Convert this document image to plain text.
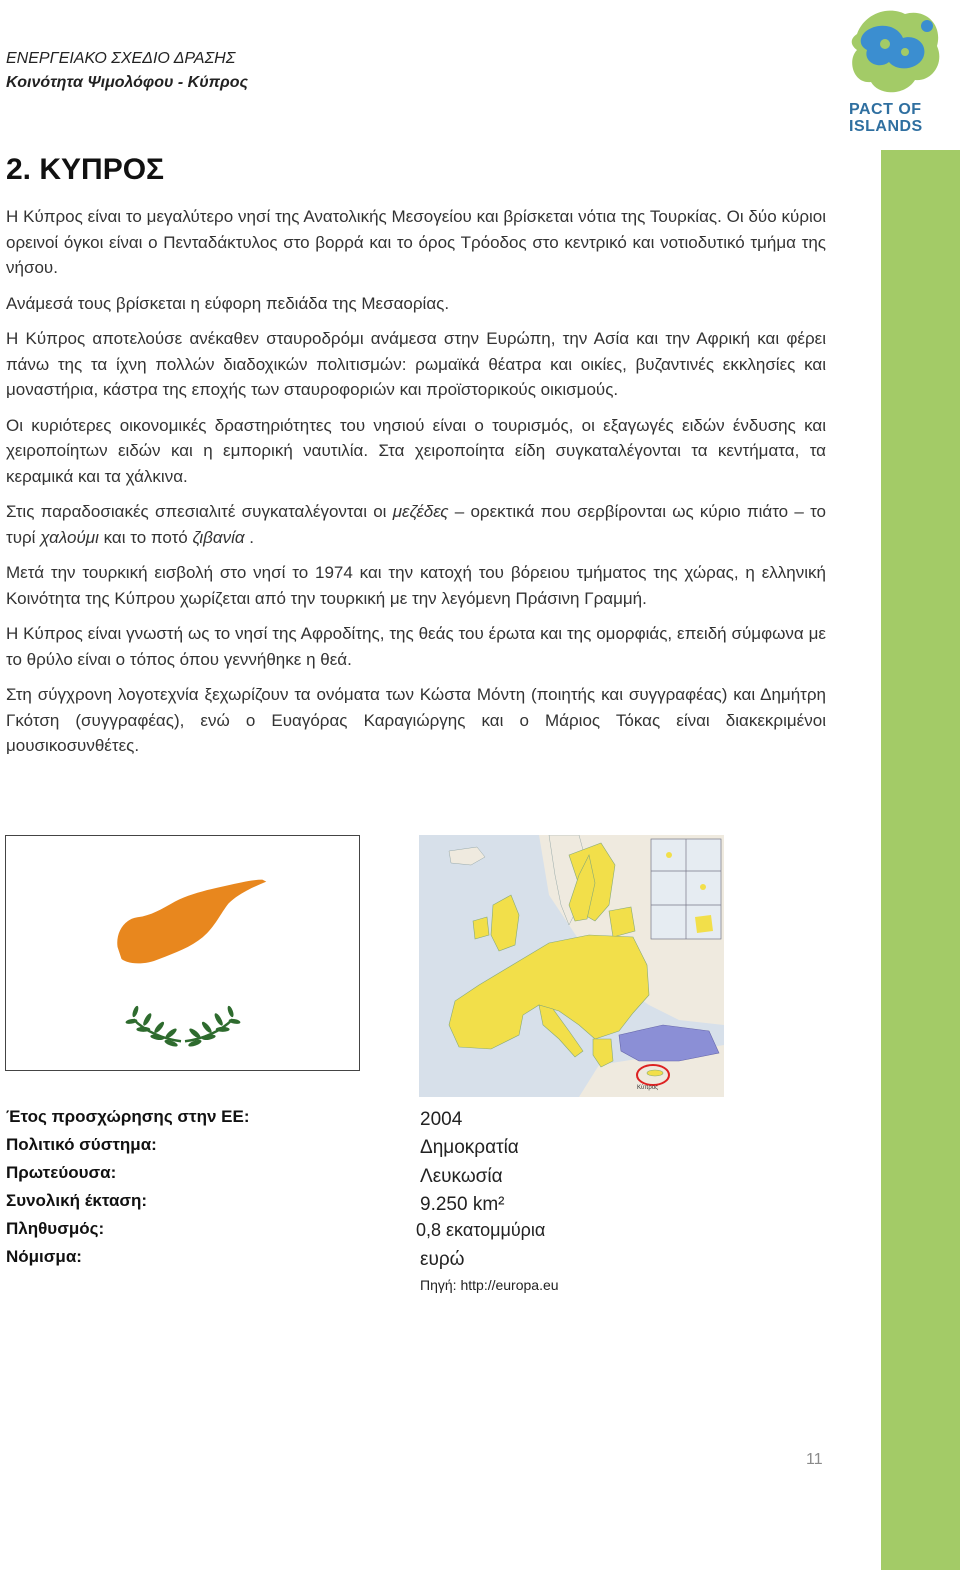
ΕΝΕΡΓΕΙΑΚΟ ΣΧΕΔΙΟ ΔΡΑΣΗΣ
Κοινότητα Ψιμολόφου - Κύπρος
PACT OF
ISLANDS
2. ΚΥΠΡΟΣ

Η Κύπρος είναι το μεγαλύτερο νησί της Ανατολικής Μεσογείου και βρίσκεται νότια της Τουρκίας. Οι δύο κύριοι ορεινοί όγκοι είναι ο Πενταδάκτυλος στο βορρά και το όρος Τρόοδος στο κεντρικό και νοτιοδυτικό τμήμα της νήσου.

Ανάμεσά τους βρίσκεται η εύφορη πεδιάδα της Μεσαορίας.

Η Κύπρος αποτελούσε ανέκαθεν σταυροδρόμι ανάμεσα στην Ευρώπη, την Ασία και την Αφρική και φέρει πάνω της τα ίχνη πολλών διαδοχικών πολιτισμών: ρωμαϊκά θέατρα και οικίες, βυζαντινές εκκλησίες και μοναστήρια, κάστρα της εποχής των σταυροφοριών και προϊστορικούς οικισμούς.

Οι κυριότερες οικονομικές δραστηριότητες του νησιού είναι ο τουρισμός, οι εξαγωγές ειδών ένδυσης και χειροποίητων ειδών και η εμπορική ναυτιλία. Στα χειροποίητα είδη συγκαταλέγονται τα κεντήματα, τα κεραμικά και τα χάλκινα.

Στις παραδοσιακές σπεσιαλιτέ συγκαταλέγονται οι μεζέδες – ορεκτικά που σερβίρονται ως κύριο πιάτο – το τυρί χαλούμι και το ποτό ζιβανία .

Μετά την τουρκική εισβολή στο νησί το 1974 και την κατοχή του βόρειου τμήματος της χώρας, η ελληνική Κοινότητα της Κύπρου χωρίζεται από την τουρκική με την λεγόμενη Πράσινη Γραμμή.

Η Κύπρος είναι γνωστή ως το νησί της Αφροδίτης, της θεάς του έρωτα και της ομορφιάς, επειδή σύμφωνα με το θρύλο είναι ο τόπος όπου γεννήθηκε η θεά.

Στη σύγχρονη λογοτεχνία ξεχωρίζουν τα ονόματα των Κώστα Μόντη (ποιητής και συγγραφέας) και Δημήτρη Γκότση (συγγραφέας), ενώ ο Ευαγόρας Καραγιώργης και ο Μάριος Τόκας είναι διακεκριμένοι μουσικοσυνθέτες.

Κύπρος
Έτος προσχώρησης στην ΕΕ:	2004
Πολιτικό σύστημα:	Δημοκρατία
Πρωτεύουσα:	Λευκωσία
Συνολική έκταση:	9.250 km²
Πληθυσμός:	0,8 εκατομμύρια
Νόμισμα:	ευρώ
Πηγή: http://europa.eu
11
